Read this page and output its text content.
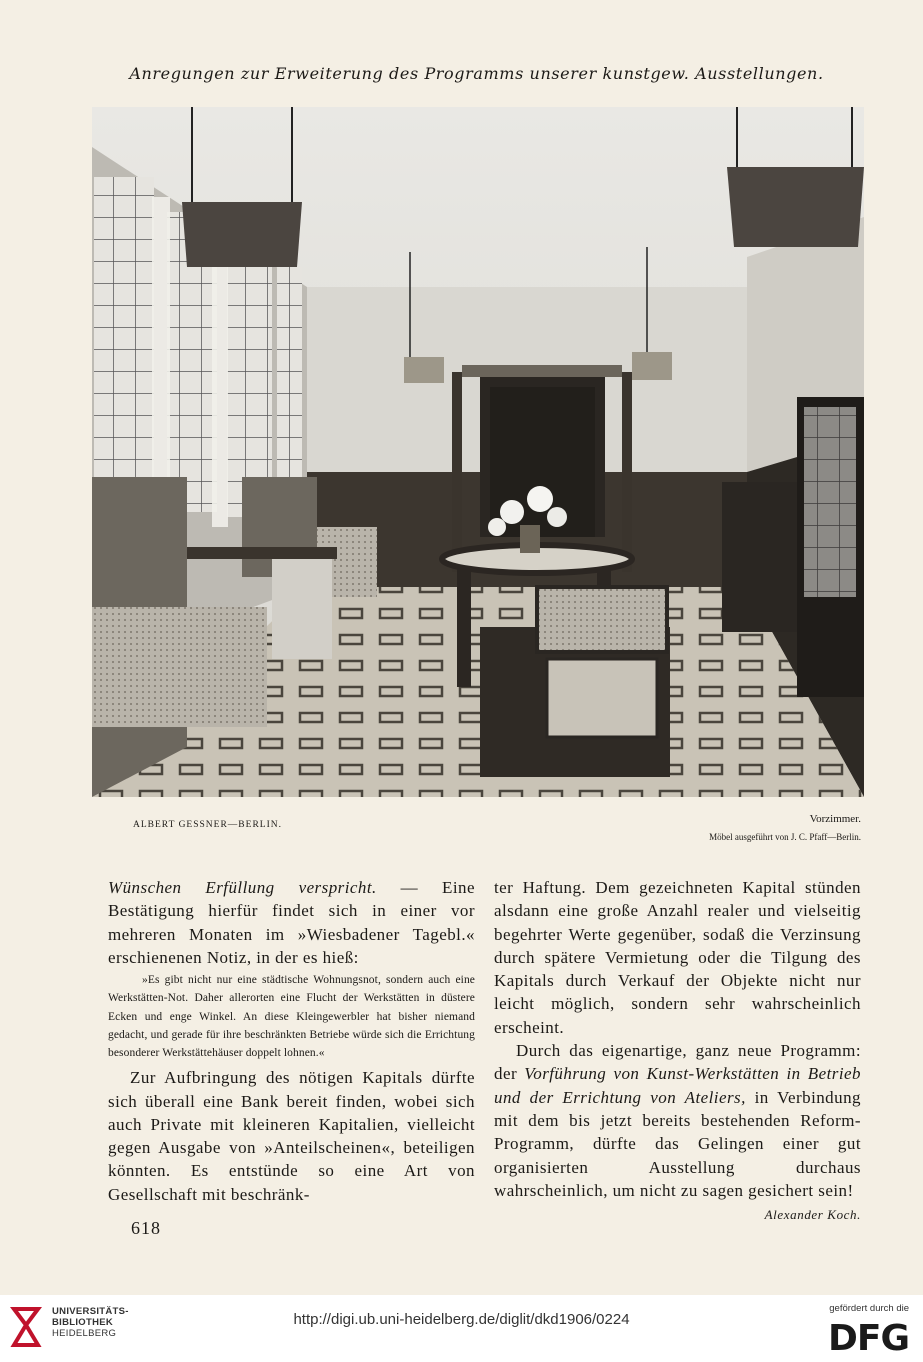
Anregungen zur Erweiterung des Programms unserer kunstgew. Ausstellungen.
ALBERT GESSNER—BERLIN.	Vorzimmer.
Möbel ausgeführt von J. C. Pfaff—Berlin.

Wünschen Erfüllung verspricht. — Eine Bestätigung hierfür findet sich in einer vor mehreren Monaten im »Wiesbadener Tagebl.« erschienenen Notiz, in der es hieß:

»Es gibt nicht nur eine städtische Wohnungsnot, sondern auch eine Werkstätten-Not. Daher allerorten eine Flucht der Werkstätten in düstere Ecken und enge Winkel. An diese Kleingewerbler hat bisher niemand gedacht, und gerade für ihre beschränkten Betriebe würde sich die Errichtung besonderer Werkstättehäuser doppelt lohnen.«

Zur Aufbringung des nötigen Kapitals dürfte sich überall eine Bank bereit finden, wobei sich auch Private mit kleineren Kapitalien, vielleicht gegen Ausgabe von »Anteilscheinen«, beteiligen könnten. Es entstünde so eine Art von Gesellschaft mit beschränk-

ter Haftung. Dem gezeichneten Kapital stünden alsdann eine große Anzahl realer und vielseitig begehrter Werte gegenüber, sodaß die Verzinsung durch spätere Vermietung oder die Tilgung des Kapitals durch Verkauf der Objekte nicht nur leicht möglich, sondern sehr wahrscheinlich erscheint.

Durch das eigenartige, ganz neue Programm: der Vorführung von Kunst-Werkstätten in Betrieb und der Errichtung von Ateliers, in Verbindung mit dem bis jetzt bereits bestehenden Reform-Programm, dürfte das Gelingen einer gut organisierten Ausstellung durchaus wahrscheinlich, um nicht zu sagen gesichert sein!
Alexander Koch.

618
UNIVERSITÄTS-
BIBLIOTHEK
HEIDELBERG
http://digi.ub.uni-heidelberg.de/diglit/dkd1906/0224
gefördert durch die
DFG
